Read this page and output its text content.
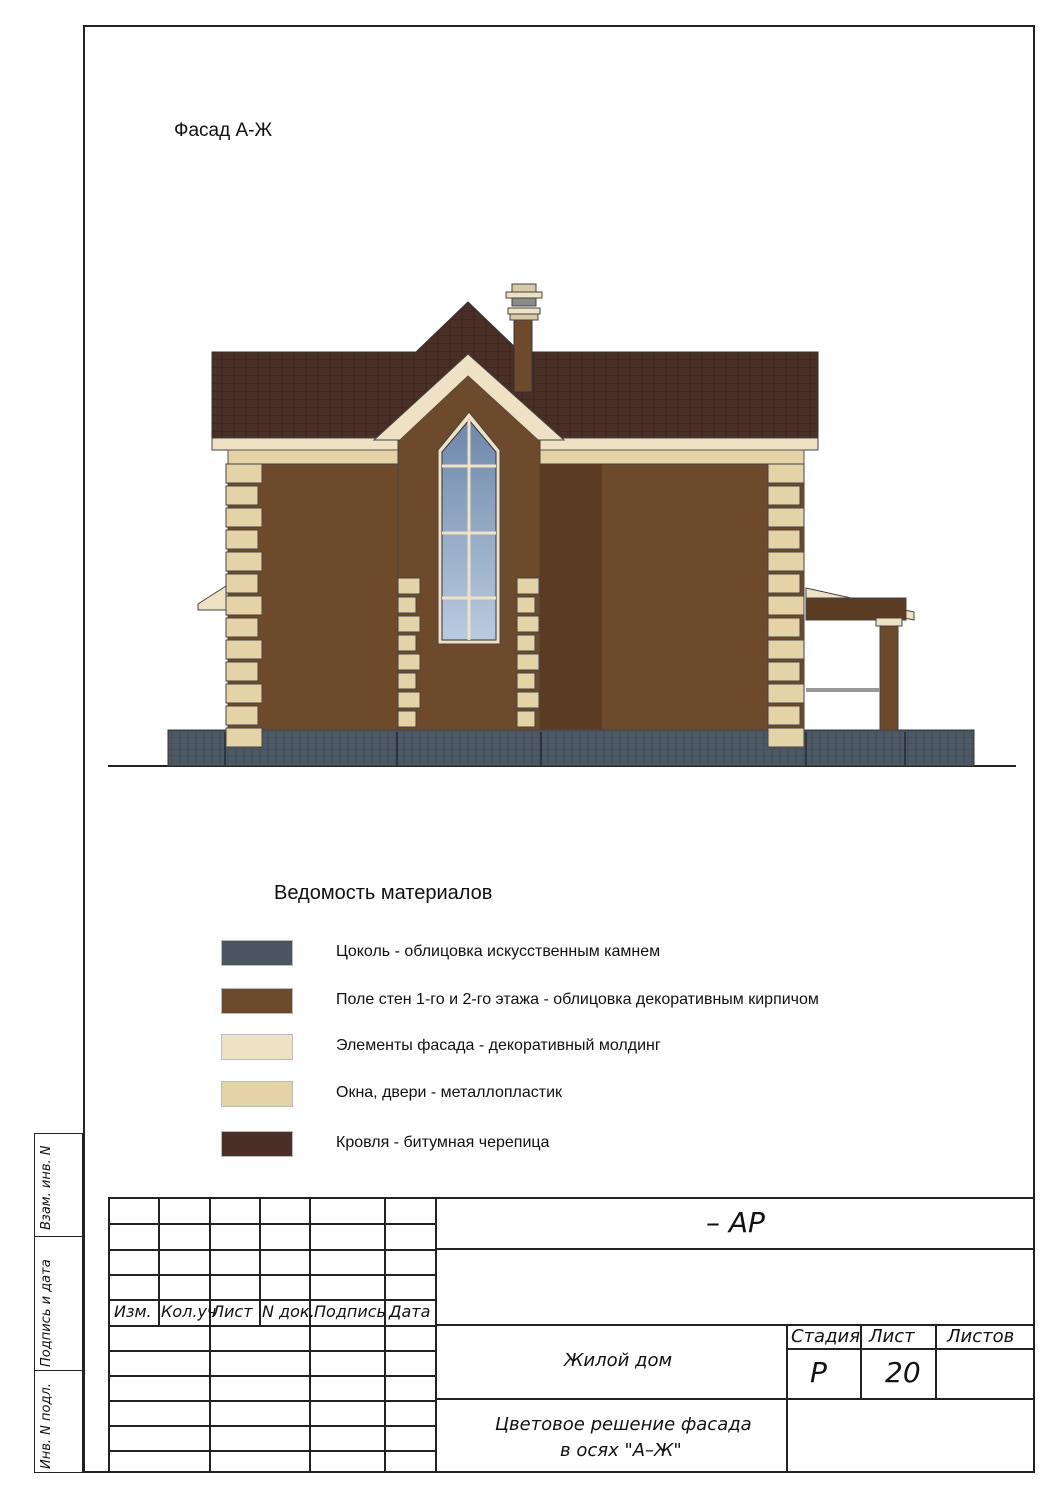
Фасад А-Ж
Ведомость материалов
Цоколь - облицовка искусственным камнем
Поле стен 1-го и 2-го этажа - облицовка декоративным кирпичом
Элементы фасада - декоративный молдинг
Окна, двери - металлопластик
Кровля - битумная черепица
Взам. инв. N
Подпись и дата
Инв. N подл.
Изм. Кол.уч
Лист N док. Подпись Дата
– АР
Жилой дом
Стадия Лист Листов
Р 20
Цветовое решение фасада
в осях "А–Ж"
